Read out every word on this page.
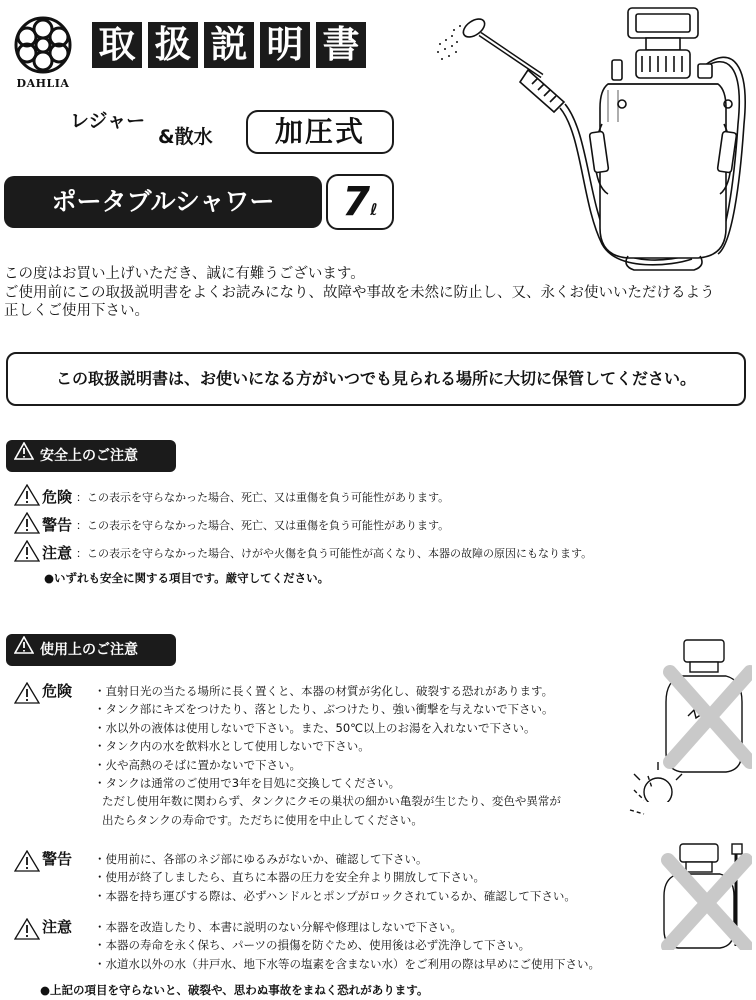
DAHLIA
取 扱 説 明 書
レジャー
&散水	加圧式
ポータブルシャワー	7ℓ
この度はお買い上げいただき、誠に有難うございます。
ご使用前にこの取扱説明書をよくお読みになり、故障や事故を未然に防止し、又、永くお使いいただけるよう
正しくご使用下さい。
この取扱説明書は、お使いになる方がいつでも見られる場所に大切に保管してください。
安全上のご注意
危険 ：この表示を守らなかった場合、死亡、又は重傷を負う可能性があります。
警告 ：この表示を守らなかった場合、死亡、又は重傷を負う可能性があります。
注意 ：この表示を守らなかった場合、けがや火傷を負う可能性が高くなり、本器の故障の原因にもなります。
●いずれも安全に関する項目です。厳守してください。
使用上のご注意
危険 ・直射日光の当たる場所に長く置くと、本器の材質が劣化し、破裂する恐れがあります。
・タンク部にキズをつけたり、落としたり、ぶつけたり、強い衝撃を与えないで下さい。
・水以外の液体は使用しないで下さい。また、50℃以上のお湯を入れないで下さい。
・タンク内の水を飲料水として使用しないで下さい。
・火や高熱のそばに置かないで下さい。
・タンクは通常のご使用で3年を目処に交換してください。
ただし使用年数に関わらず、タンクにクモの巣状の細かい亀裂が生じたり、変色や異常が
出たらタンクの寿命です。ただちに使用を中止してください。
警告 ・使用前に、各部のネジ部にゆるみがないか、確認して下さい。
・使用が終了しましたら、直ちに本器の圧力を安全弁より開放して下さい。
・本器を持ち運びする際は、必ずハンドルとポンプがロックされているか、確認して下さい。
注意 ・本器を改造したり、本書に説明のない分解や修理はしないで下さい。
・本器の寿命を永く保ち、パーツの損傷を防ぐため、使用後は必ず洗浄して下さい。
・水道水以外の水（井戸水、地下水等の塩素を含まない水）をご利用の際は早めにご使用下さい。
●上記の項目を守らないと、破裂や、思わぬ事故をまねく恐れがあります。
